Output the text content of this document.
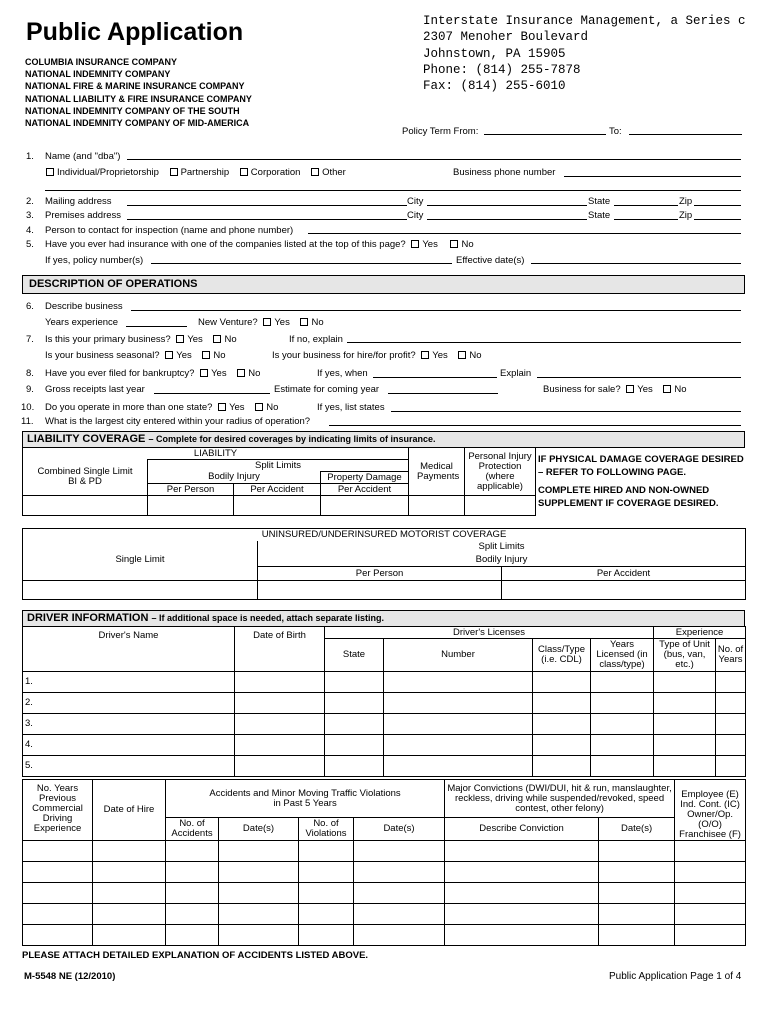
Public Application
COLUMBIA INSURANCE COMPANY
NATIONAL INDEMNITY COMPANY
NATIONAL FIRE & MARINE INSURANCE COMPANY
NATIONAL LIABILITY & FIRE INSURANCE COMPANY
NATIONAL INDEMNITY COMPANY OF THE SOUTH
NATIONAL INDEMNITY COMPANY OF MID-AMERICA
Interstate Insurance Management, a Series c
2307 Menoher Boulevard
Johnstown, PA 15905
Phone: (814) 255-7878
Fax: (814) 255-6010
Policy Term From:	To:
1. Name (and "dba")
Individual/Proprietorship Partnership Corporation Other	Business phone number
2. Mailing address	City	State	Zip
3. Premises address	City	State	Zip
4. Person to contact for inspection (name and phone number)
5. Have you ever had insurance with one of the companies listed at the top of this page? Yes No
If yes, policy number(s)	Effective date(s)
DESCRIPTION OF OPERATIONS
6. Describe business
Years experience	New Venture? Yes No
7. Is this your primary business? Yes No	If no, explain
Is your business seasonal? Yes No	Is your business for hire/for profit? Yes No
8. Have you ever filed for bankruptcy? Yes No	If yes, when	Explain
9. Gross receipts last year	Estimate for coming year	Business for sale? Yes No
10. Do you operate in more than one state? Yes No	If yes, list states
11. What is the largest city entered within your radius of operation?
LIABILITY COVERAGE – Complete for desired coverages by indicating limits of insurance.
LIABILITY				Medical Payments	Personal Injury Protection (where applicable)
Combined Single Limit BI & PD	Split Limits				
	Bodily Injury		Property Damage		
	Per Person	Per Accident	Per Accident		

IF PHYSICAL DAMAGE COVERAGE DESIRED – REFER TO FOLLOWING PAGE.
COMPLETE HIRED AND NON-OWNED SUPPLEMENT IF COVERAGE DESIRED.
UNINSURED/UNDERINSURED MOTORIST COVERAGE		
Single Limit	Split Limits	
	Bodily Injury	
	Per Person	Per Accident

DRIVER INFORMATION – If additional space is needed, attach separate listing.
Driver's Name	Date of Birth	Driver's Licenses				Experience	
		State	Number	Class/Type (i.e. CDL)	Years Licensed (in class/type)	Type of Unit (bus, van, etc.)	No. of Years
1.							
2.							
3.							
4.							
5.							
No. Years Previous Commercial Driving Experience	Date of Hire	Accidents and Minor Moving Traffic Violations in Past 5 Years				Major Convictions (DWI/DUI, hit & run, manslaughter, reckless, driving while suspended/revoked, speed contest, other felony)		Employee (E) Ind. Cont. (IC) Owner/Op. (O/O) Franchisee (F)
		No. of Accidents	Date(s)	No. of Violations	Date(s)	Describe Conviction	Date(s)	

PLEASE ATTACH DETAILED EXPLANATION OF ACCIDENTS LISTED ABOVE.
M-5548 NE (12/2010)	Public Application Page 1 of 4
